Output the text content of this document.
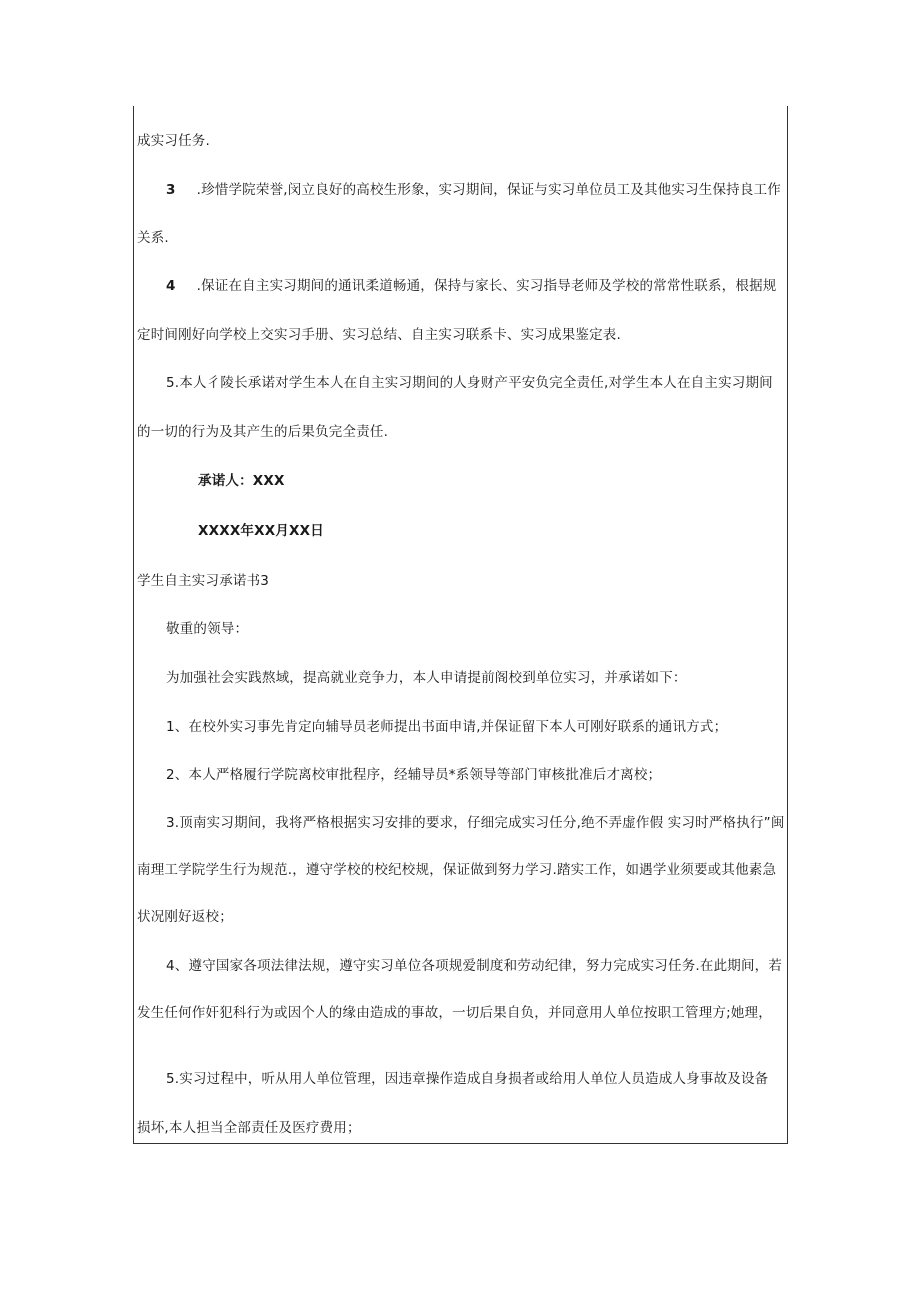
成实习任务.
3 .珍惜学院荣誉,闵立良好的高校生形象，实习期间，保证与实习单位员工及其他实习生保持良工作
关系.
4 .保证在自主实习期间的通讯柔道畅通，保持与家长、实习指导老师及学校的常常性联系，根据规
定时间刚好向学校上交实习手册、实习总结、自主实习联系卡、实习成果鉴定表.
5.本人彳陵长承诺对学生本人在自主实习期间的人身财产平安负完全责任,对学生本人在自主实习期间
的一切的行为及其产生的后果负完全责任.
承诺人：XXX
XXXX年XX月XX日
学生自主实习承诺书3
敬重的领导：
为加强社会实践熬域，提高就业竞争力，本人申请提前阁校到单位实习，并承诺如下：
1、在校外实习事先肯定向辅导员老师提出书面申请,并保证留下本人可刚好联系的通讯方式；
2、本人严格履行学院离校审批程序，经辅导员*系领导等部门审核批准后才离校；
3.顶南实习期间，我将严格根据实习安排的要求，仔细完成实习任分,绝不弄虚作假 实习时严格执行”闽
南理工学院学生行为规范.，遵守学校的校纪校规，保证做到努力学习.踏实工作，如遇学业须要或其他素急
状况刚好返校；
4、遵守国家各项法律法规，遵守实习单位各项规爱制度和劳动纪律，努力完成实习任务.在此期间，若
发生任何作奸犯科行为或因个人的缘由造成的事故，一切后果自负，并同意用人单位按职工管理方;她理，
5.实习过程中，听从用人单位管理，因违章操作造成自身损者或给用人单位人员造成人身事故及设备
损坏,本人担当全部责任及医疗费用；
